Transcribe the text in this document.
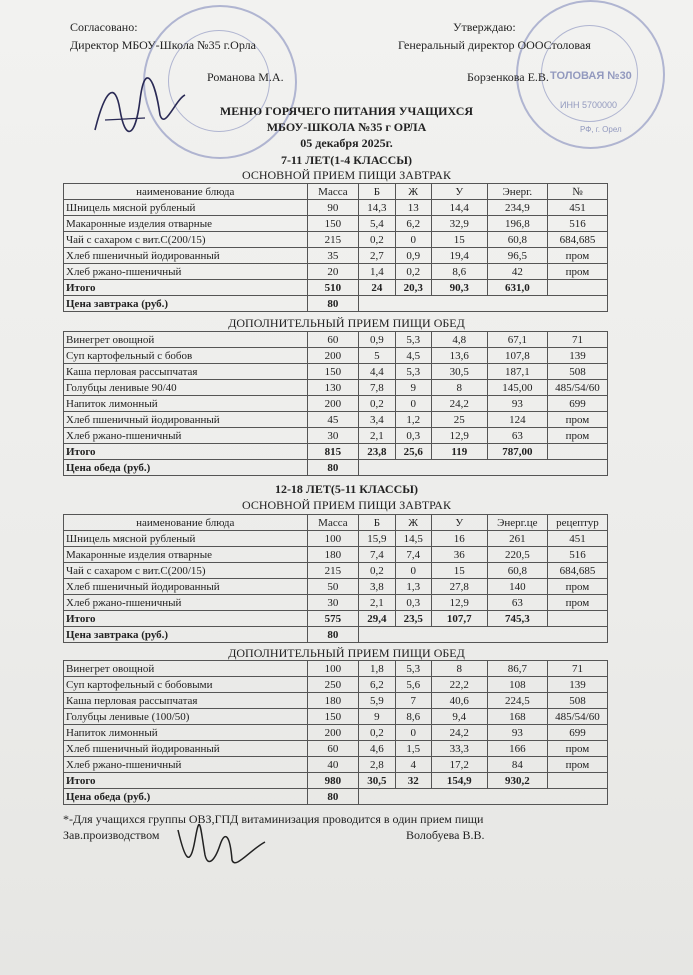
ТОЛОВАЯ №30
ИНН 5700000
РФ, г. Орел
Согласовано:
Директор МБОУ-Школа №35 г.Орла
Романова М.А.
Утверждаю:
Генеральный директор ОООСтоловая
Борзенкова Е.В.
МЕНЮ ГОРЯЧЕГО ПИТАНИЯ УЧАЩИХСЯ
МБОУ-ШКОЛА №35 г ОРЛА
05 декабря 2025г.
7-11 ЛЕТ(1-4 КЛАССЫ)
ОСНОВНОЙ ПРИЕМ ПИЩИ ЗАВТРАК
наименование блюда	Масса	Б	Ж	У	Энерг.	№
Шницель мясной рубленый	90	14,3	13	14,4	234,9	451
Макаронные изделия отварные	150	5,4	6,2	32,9	196,8	516
Чай с сахаром с вит.С(200/15)	215	0,2	0	15	60,8	684,685
Хлеб пшеничный йодированный	35	2,7	0,9	19,4	96,5	пром
Хлеб ржано-пшеничный	20	1,4	0,2	8,6	42	пром
Итого	510	24	20,3	90,3	631,0	
Цена завтрака (руб.)	80					
ДОПОЛНИТЕЛЬНЫЙ ПРИЕМ ПИЩИ ОБЕД
Винегрет овощной	60	0,9	5,3	4,8	67,1	71
Суп картофельный с бобов	200	5	4,5	13,6	107,8	139
Каша перловая рассыпчатая	150	4,4	5,3	30,5	187,1	508
Голубцы ленивые 90/40	130	7,8	9	8	145,00	485/54/60
Напиток лимонный	200	0,2	0	24,2	93	699
Хлеб пшеничный йодированный	45	3,4	1,2	25	124	пром
Хлеб ржано-пшеничный	30	2,1	0,3	12,9	63	пром
Итого	815	23,8	25,6	119	787,00	
Цена обеда (руб.)	80					
12-18 ЛЕТ(5-11 КЛАССЫ)
ОСНОВНОЙ ПРИЕМ ПИЩИ ЗАВТРАК
наименование блюда	Масса	Б	Ж	У	Энерг.це	рецептур
Шницель мясной рубленый	100	15,9	14,5	16	261	451
Макаронные изделия отварные	180	7,4	7,4	36	220,5	516
Чай с сахаром с вит.С(200/15)	215	0,2	0	15	60,8	684,685
Хлеб пшеничный йодированный	50	3,8	1,3	27,8	140	пром
Хлеб ржано-пшеничный	30	2,1	0,3	12,9	63	пром
Итого	575	29,4	23,5	107,7	745,3	
Цена завтрака (руб.)	80					
ДОПОЛНИТЕЛЬНЫЙ ПРИЕМ ПИЩИ ОБЕД
Винегрет овощной	100	1,8	5,3	8	86,7	71
Суп картофельный с бобовыми	250	6,2	5,6	22,2	108	139
Каша перловая рассыпчатая	180	5,9	7	40,6	224,5	508
Голубцы ленивые (100/50)	150	9	8,6	9,4	168	485/54/60
Напиток лимонный	200	0,2	0	24,2	93	699
Хлеб пшеничный йодированный	60	4,6	1,5	33,3	166	пром
Хлеб ржано-пшеничный	40	2,8	4	17,2	84	пром
Итого	980	30,5	32	154,9	930,2	
Цена обеда (руб.)	80					
*-Для учащихся группы ОВЗ,ГПД витаминизация проводится в один прием пищи
Зав.производством	Волобуева В.В.
